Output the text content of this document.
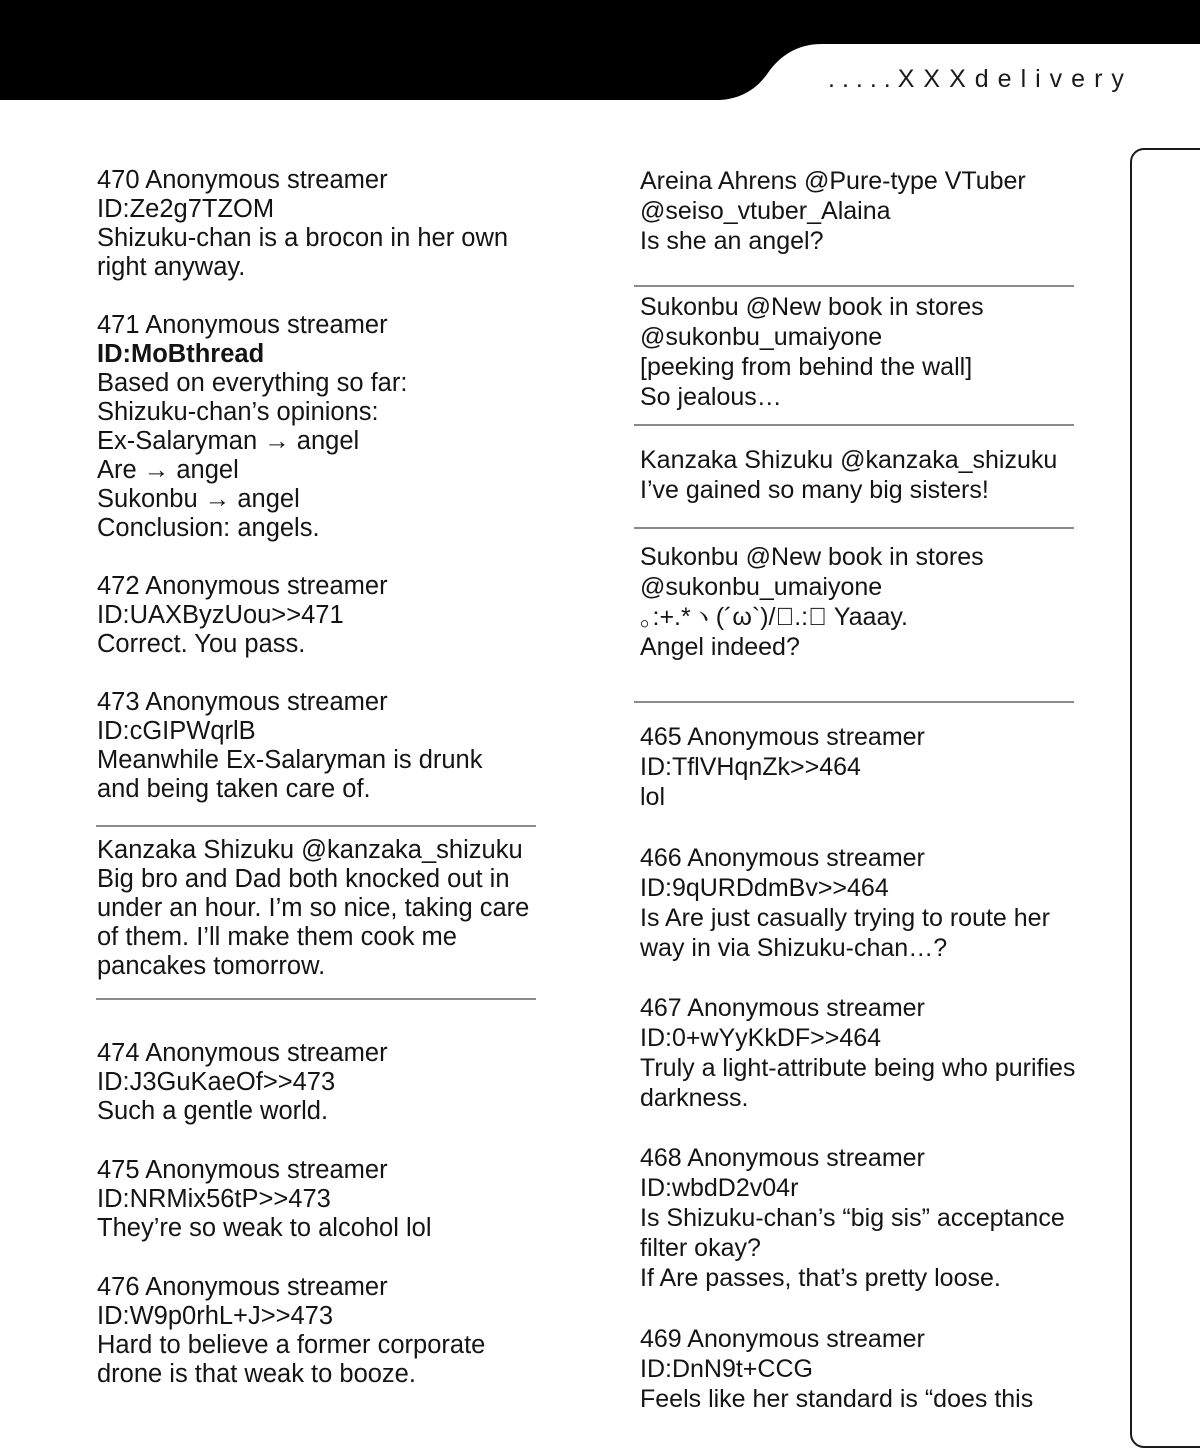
.....XXXdelivery
470 Anonymous streamer
ID:Ze2g7TZOM
Shizuku-chan is a brocon in her own
right anyway.
471 Anonymous streamer
ID:MoBthread
Based on everything so far:
Shizuku-chan’s opinions:
Ex-Salaryman → angel
Are → angel
Sukonbu → angel
Conclusion: angels.
472 Anonymous streamer
ID:UAXByzUou>>471
Correct. You pass.
473 Anonymous streamer
ID:cGIPWqrlB
Meanwhile Ex-Salaryman is drunk
and being taken care of.
Kanzaka Shizuku @kanzaka_shizuku
Big bro and Dad both knocked out in
under an hour. I’m so nice, taking care
of them. I’ll make them cook me
pancakes tomorrow.
474 Anonymous streamer
ID:J3GuKaeOf>>473
Such a gentle world.
475 Anonymous streamer
ID:NRMix56tP>>473
They’re so weak to alcohol lol
476 Anonymous streamer
ID:W9p0rhL+J>>473
Hard to believe a former corporate
drone is that weak to booze.
Areina Ahrens @Pure-type VTuber
@seiso_vtuber_Alaina
Is she an angel?
Sukonbu @New book in stores
@sukonbu_umaiyone
[peeking from behind the wall]
So jealous…
Kanzaka Shizuku @kanzaka_shizuku
I’ve gained so many big sisters!
Sukonbu @New book in stores
@sukonbu_umaiyone
｡:+.*ヽ(´ω`)/ﾟ.:｡ Yaaay.
Angel indeed?
465 Anonymous streamer
ID:TflVHqnZk>>464
lol
466 Anonymous streamer
ID:9qURDdmBv>>464
Is Are just casually trying to route her
way in via Shizuku-chan…?
467 Anonymous streamer
ID:0+wYyKkDF>>464
Truly a light-attribute being who purifies
darkness.
468 Anonymous streamer
ID:wbdD2v04r
Is Shizuku-chan’s “big sis” acceptance
filter okay?
If Are passes, that’s pretty loose.
469 Anonymous streamer
ID:DnN9t+CCG
Feels like her standard is “does this
